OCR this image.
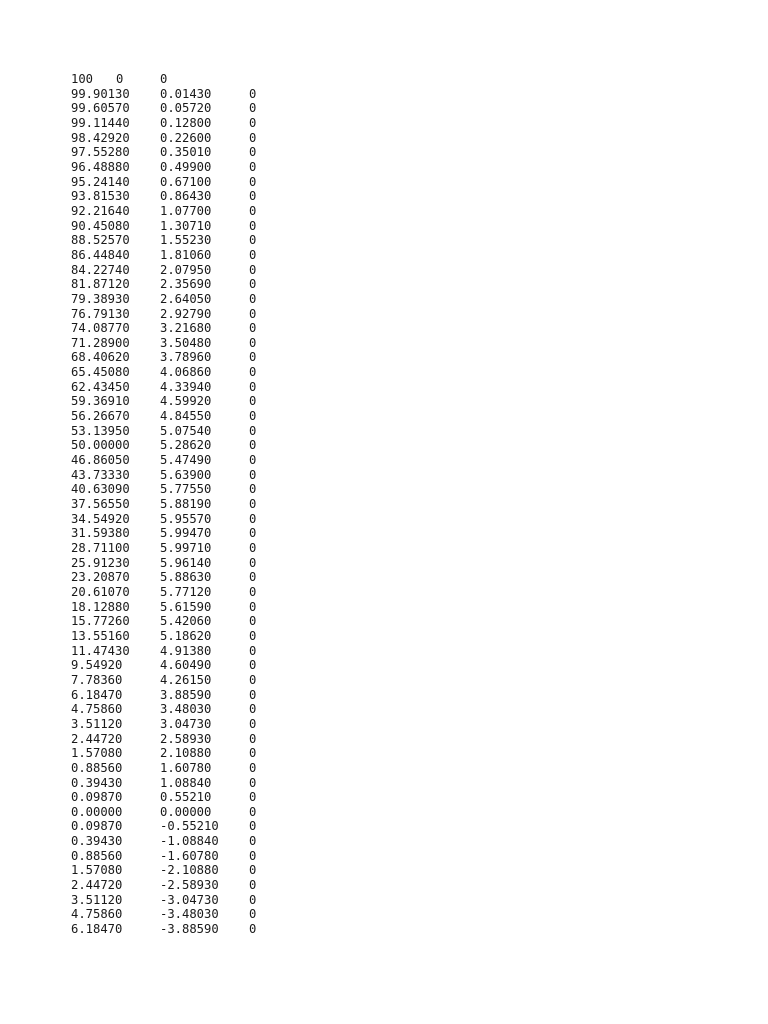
100 0	0
99.90130 0.01430	0
99.60570 0.05720	0
99.11440 0.12800	0
98.42920 0.22600	0
97.55280 0.35010	0
96.48880 0.49900	0
95.24140 0.67100	0
93.81530 0.86430	0
92.21640 1.07700	0
90.45080 1.30710	0
88.52570 1.55230	0
86.44840 1.81060	0
84.22740 2.07950	0
81.87120 2.35690	0
79.38930 2.64050	0
76.79130 2.92790	0
74.08770 3.21680	0
71.28900 3.50480	0
68.40620 3.78960	0
65.45080 4.06860	0
62.43450 4.33940	0
59.36910 4.59920	0
56.26670 4.84550	0
53.13950 5.07540	0
50.00000 5.28620	0
46.86050 5.47490	0
43.73330 5.63900	0
40.63090 5.77550	0
37.56550 5.88190	0
34.54920 5.95570	0
31.59380 5.99470	0
28.71100 5.99710	0
25.91230 5.96140	0
23.20870 5.88630	0
20.61070 5.77120	0
18.12880 5.61590	0
15.77260 5.42060	0
13.55160 5.18620	0
11.47430 4.91380	0
9.54920	4.60490	0
7.78360	4.26150	0
6.18470	3.88590	0
4.75860	3.48030	0
3.51120	3.04730	0
2.44720	2.58930	0
1.57080	2.10880	0
0.88560	1.60780	0
0.39430	1.08840	0
0.09870	0.55210	0
0.00000	0.00000	0
0.09870	-0.55210 0
0.39430	-1.08840 0
0.88560	-1.60780 0
1.57080	-2.10880 0
2.44720	-2.58930 0
3.51120	-3.04730 0
4.75860	-3.48030 0
6.18470	-3.88590 0
